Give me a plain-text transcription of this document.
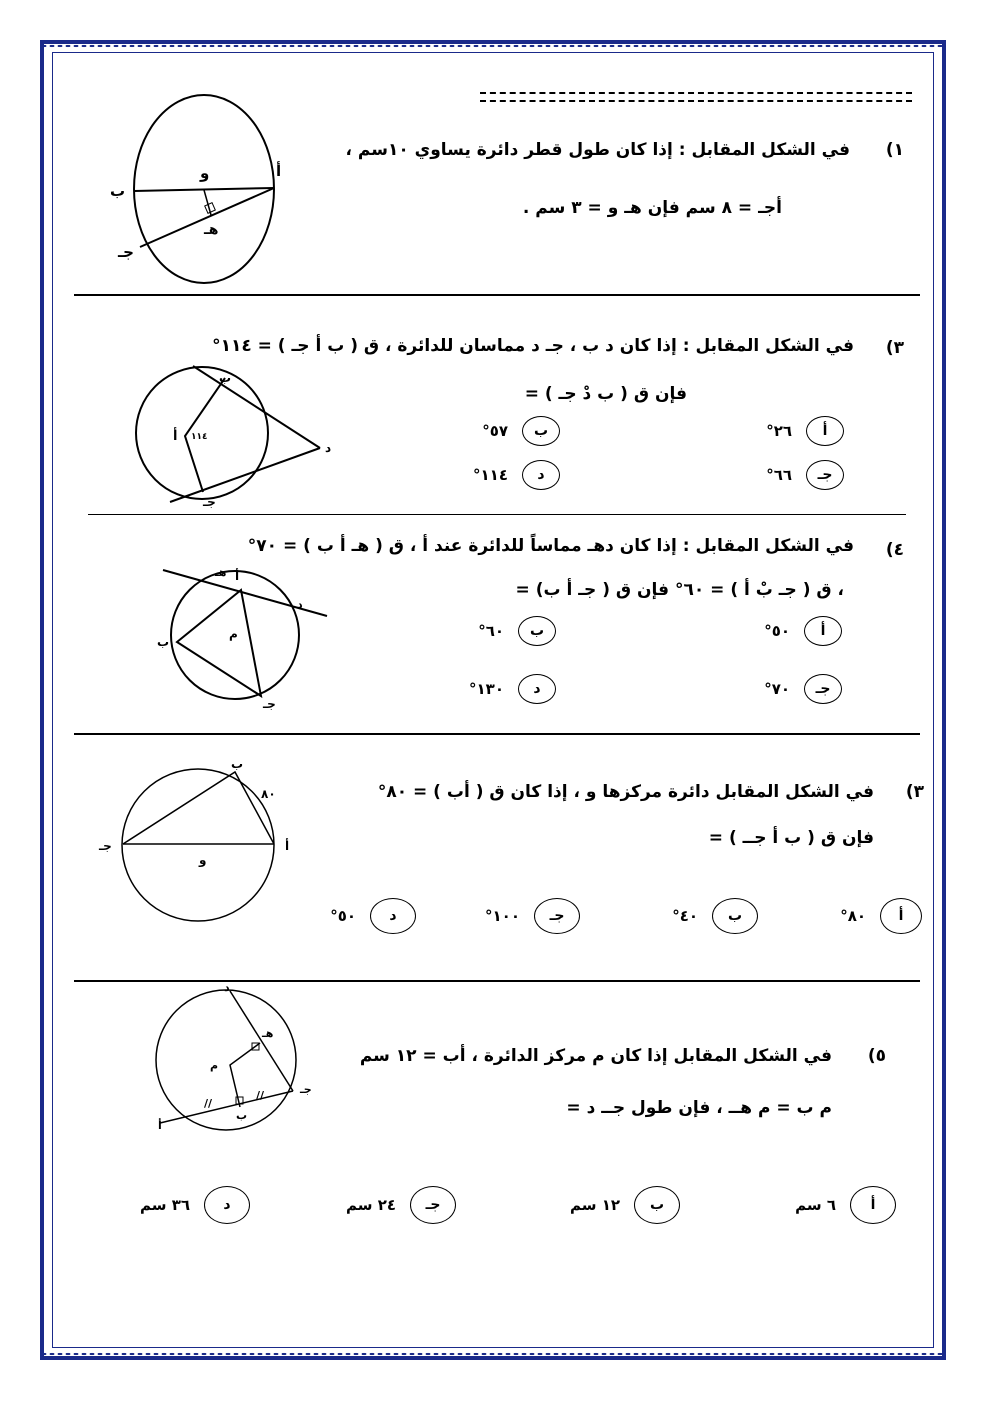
و
ب
أ
جـ
هـ
١)
في الشكل المقابل : إذا كان طول قطر دائرة يساوي ١٠سم ،
أجـ = ٨ سم فإن هـ و = ٣ سم .
ب
جـ
أ ١١٤
د
٣)
في الشكل المقابل : إذا كان د ب ، جـ د مماسان للدائرة ، ق ( ب أ جـ ) = ١١٤°
فإن ق ( ب دْ جـ ) =
أ
٢٦°
ب
٥٧°
جـ
٦٦°
د
١١٤°
أ
هـ
د
ب
م
جـ
٤)
في الشكل المقابل : إذا كان دهـ مماساً للدائرة عند أ ، ق ( هـ أ ب ) = ٧٠°
، ق ( جـ بْ أ ) = ٦٠° فإن ق ( جـ أ ب) =
أ
٥٠°
ب
٦٠°
جـ
٧٠°
د
١٣٠°
ب
٨٠
جـ	أ
و
٣)
في الشكل المقابل دائرة مركزها و ، إذا كان ق ( أب ) = ٨٠°
فإن ق ( ب أ جــ ) =
أ
٨٠°
ب
٤٠°
جـ
١٠٠°
د
٥٠°
//
//
د
هـ
م
جـ
ب
أ
٥)
في الشكل المقابل إذا كان م مركز الدائرة ، أب = ١٢ سم
م ب = م هــ ، فإن طول جــ د =
أ
٦ سم
ب
١٢ سم
جـ
٢٤ سم
د
٣٦ سم
